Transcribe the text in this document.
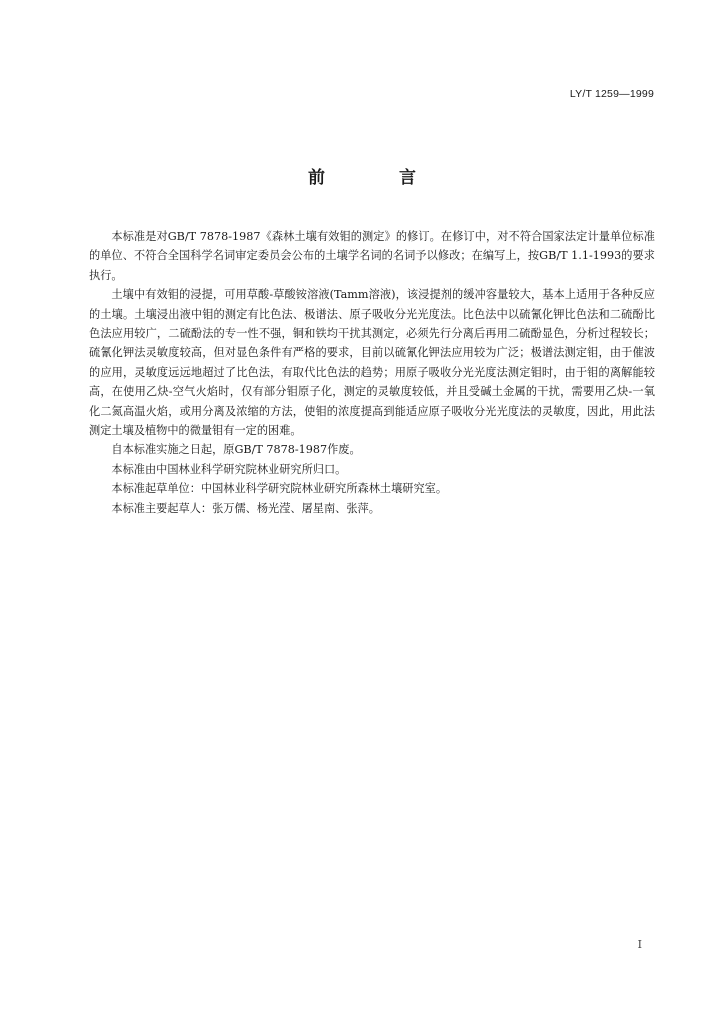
LY/T 1259—1999
前 言

本标准是对GB/T 7878-1987《森林土壤有效钼的测定》的修订。在修订中，对不符合国家法定计量单位标准的单位、不符合全国科学名词审定委员会公布的土壤学名词的名词予以修改；在编写上，按GB/T 1.1-1993的要求执行。

土壤中有效钼的浸提，可用草酸-草酸铵溶液(Tamm溶液)，该浸提剂的缓冲容量较大，基本上适用于各种反应的土壤。土壤浸出液中钼的测定有比色法、极谱法、原子吸收分光光度法。比色法中以硫氰化钾比色法和二硫酚比色法应用较广，二硫酚法的专一性不强，铜和铁均干扰其测定，必须先行分离后再用二硫酚显色，分析过程较长；硫氰化钾法灵敏度较高，但对显色条件有严格的要求，目前以硫氰化钾法应用较为广泛；极谱法测定钼，由于催波的应用，灵敏度远远地超过了比色法，有取代比色法的趋势；用原子吸收分光光度法测定钼时，由于钼的离解能较高，在使用乙炔-空气火焰时，仅有部分钼原子化，测定的灵敏度较低，并且受碱土金属的干扰，需要用乙炔-一氧化二氮高温火焰，或用分离及浓缩的方法，使钼的浓度提高到能适应原子吸收分光光度法的灵敏度，因此，用此法测定土壤及植物中的微量钼有一定的困难。

自本标准实施之日起，原GB/T 7878-1987作废。

本标准由中国林业科学研究院林业研究所归口。

本标准起草单位：中国林业科学研究院林业研究所森林土壤研究室。

本标准主要起草人：张万儒、杨光滢、屠星南、张萍。

I
